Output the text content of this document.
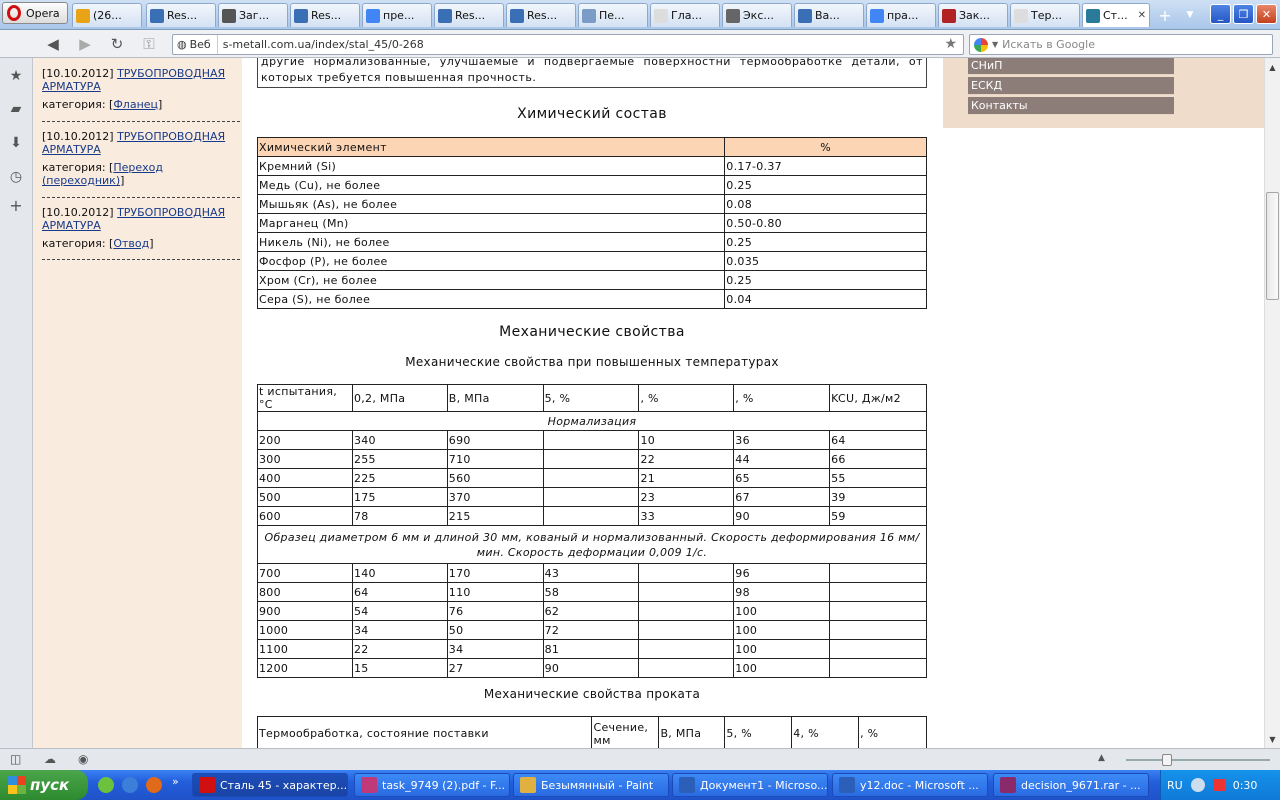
Opera	(26...	Res...	Заг...	Res...	пре...	Res...	Res...	Пе...	Гла...	Экс...	Ва...	пра...	Зак...	Тер...	Ст... ✕ +	▼	_	❐	✕
◀ ▶ ↻ ⚿	◍ Веб	s-metall.com.ua/index/stal_45/0-268	★	▼ Искать в Google
★
▰
⬇
◷
+
[10.10.2012] ТРУБОПРОВОДНАЯ АРМАТУРА
категория: [Фланец]
[10.10.2012] ТРУБОПРОВОДНАЯ АРМАТУРА
категория: [Переход (переходник)]
[10.10.2012] ТРУБОПРОВОДНАЯ АРМАТУРА
категория: [Отвод]

другие нормализованные, улучшаемые и подвергаемые поверхностни термообработке детали, от которых требуется повышенная прочность.

Химический состав
Химический элемент	%
Кремний (Si)	0.17-0.37
Медь (Cu), не более	0.25
Мышьяк (As), не более	0.08
Марганец (Mn)	0.50-0.80
Никель (Ni), не более	0.25
Фосфор (P), не более	0.035
Хром (Cr), не более	0.25
Сера (S), не более	0.04
Механические свойства
Механические свойства при повышенных температурах
t испытания, °C	0,2, МПа	B, МПа	5, %	, %	, %	KCU, Дж/м2
Нормализация						
200	340	690		10	36	64
300	255	710		22	44	66
400	225	560		21	65	55
500	175	370		23	67	39
600	78	215		33	90	59
Образец диаметром 6 мм и длиной 30 мм, кованый и нормализованный. Скорость деформирования 16 мм/мин. Скорость деформации 0,009 1/с.						
700	140	170	43		96	
800	64	110	58		98	
900	54	76	62		100	
1000	34	50	72		100	
1100	22	34	81		100	
1200	15	27	90		100	
Механические свойства проката
Термообработка, состояние поставки	Сечение, мм	B, МПа	5, %	4, %	, %
СНиП
ЕСКД
Контакты
▲
▼
◫ ☁ ◉	▲
пуск	»	Сталь 45 - характер...	task_9749 (2).pdf - F...	Безымянный - Paint	Документ1 - Microso...	y12.doc - Microsoft ...	decision_9671.rar - ... RU	0:30
